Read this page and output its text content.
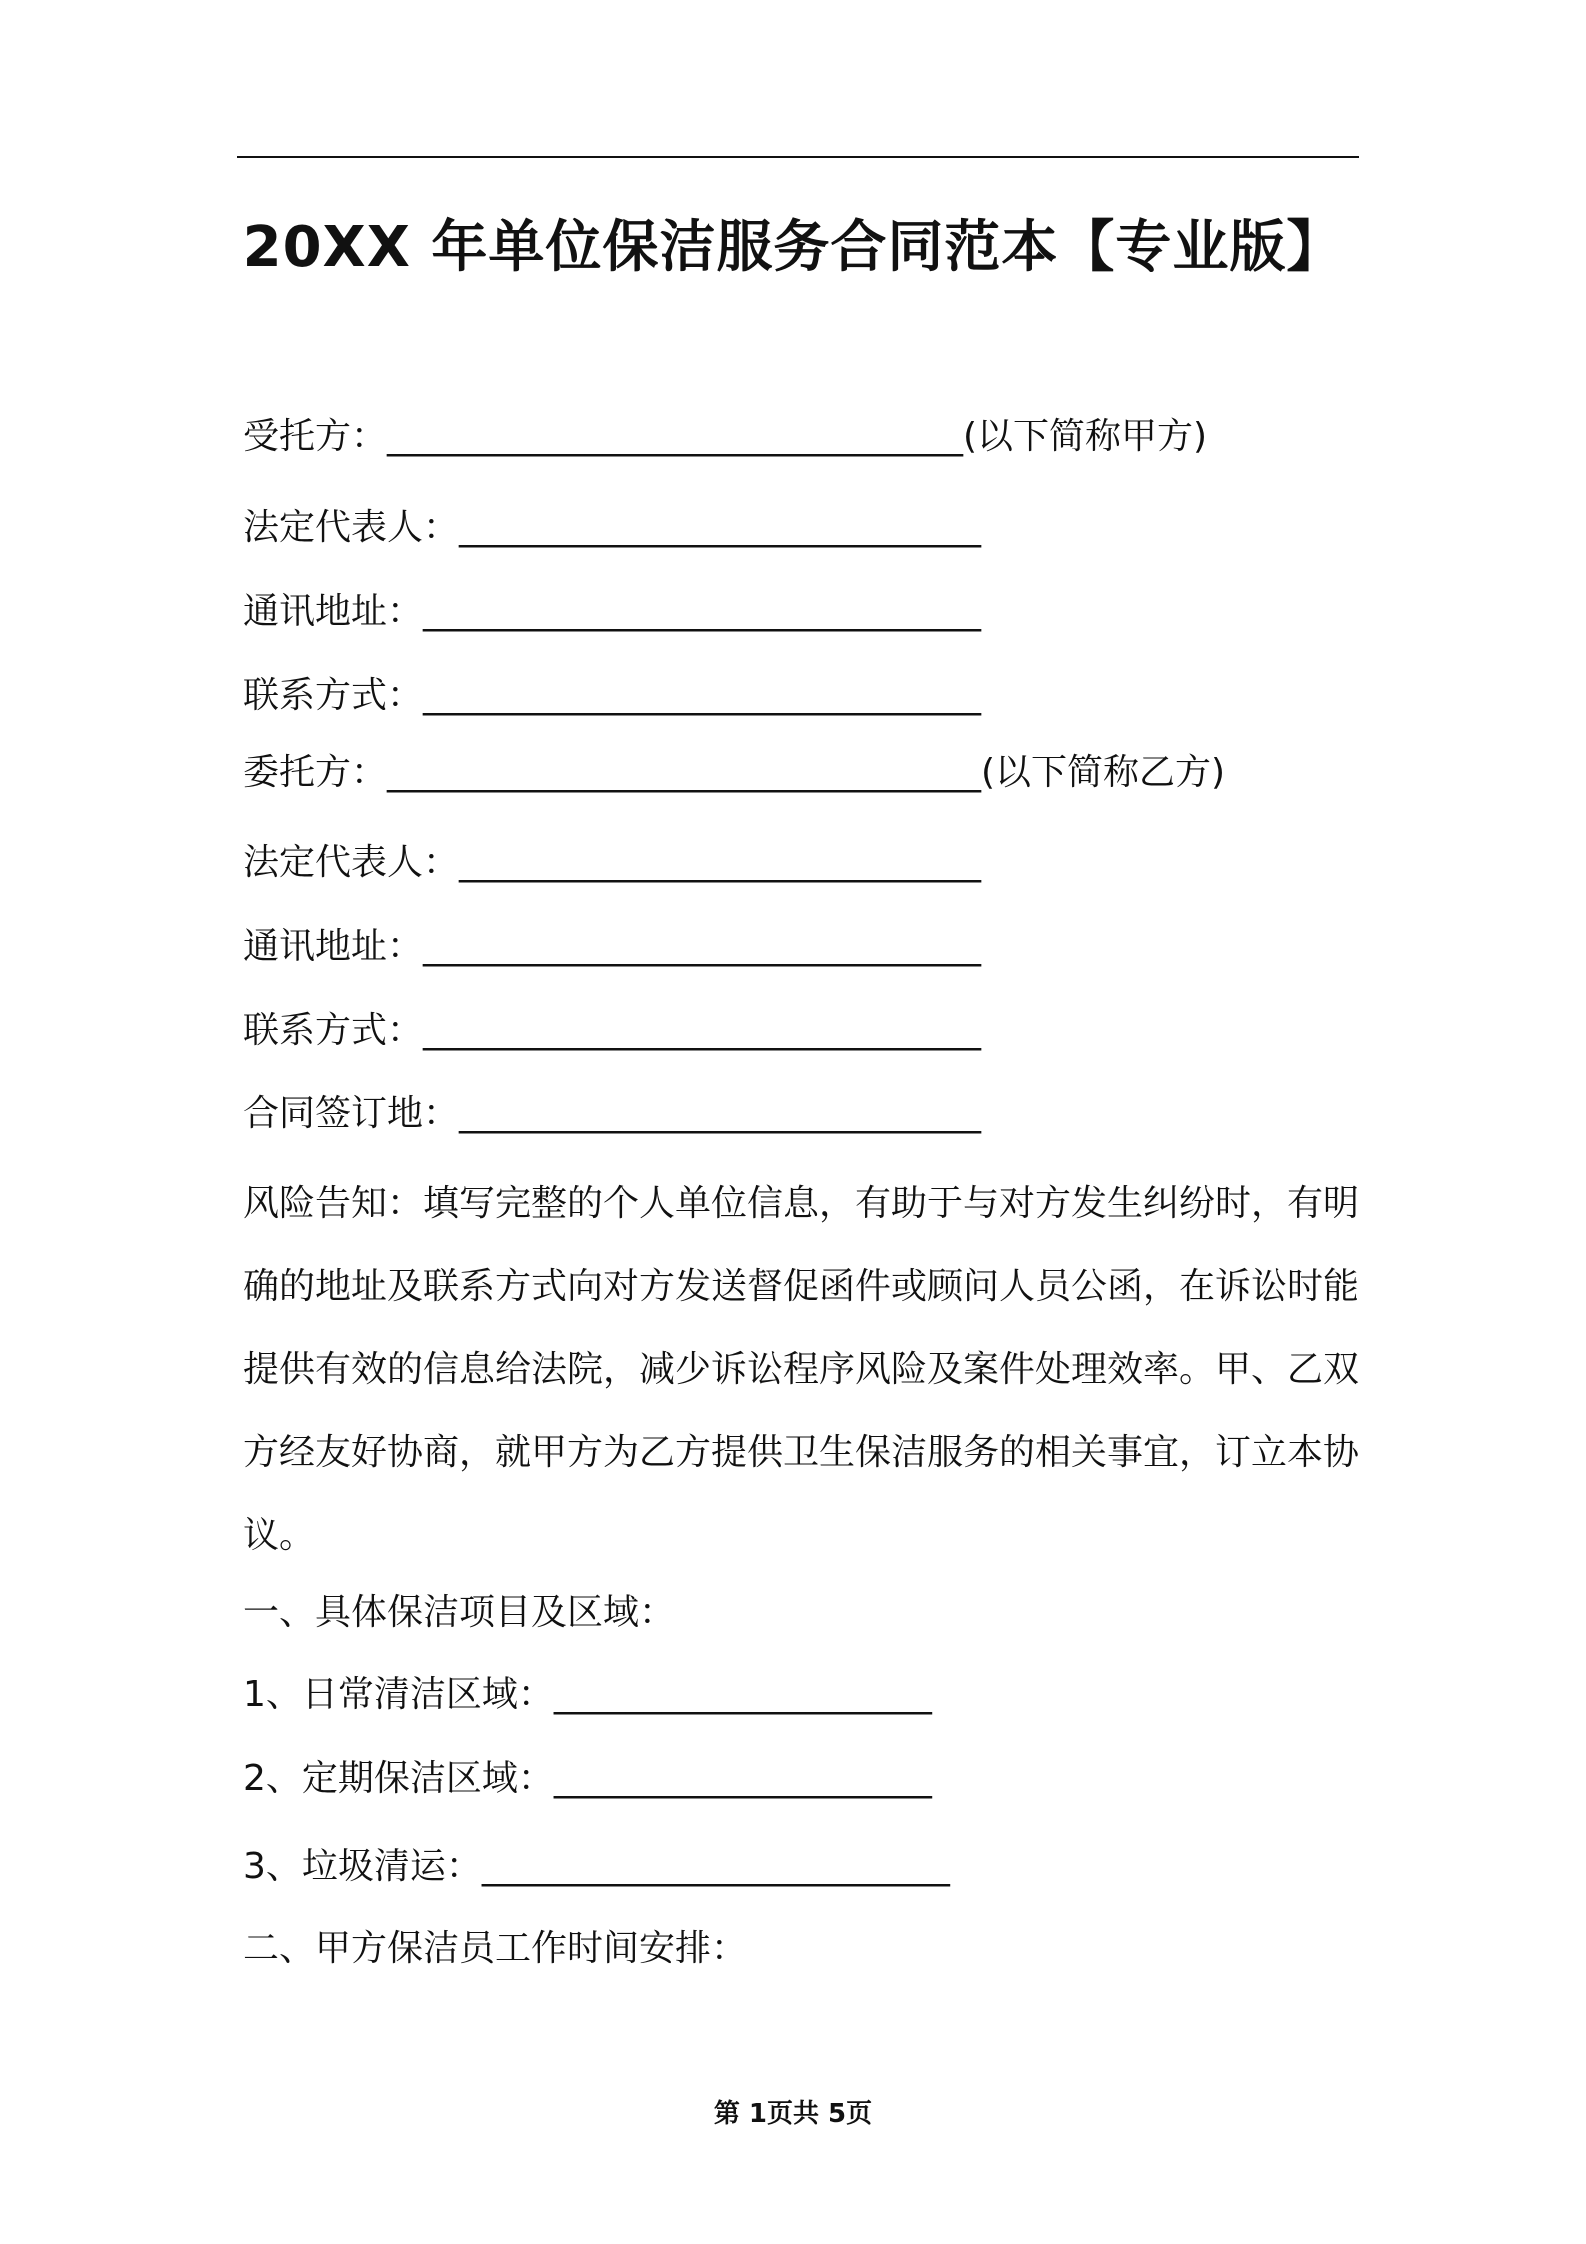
20XX 年单位保洁服务合同范本【专业版】
受托方：________________________________(以下简称甲方)
法定代表人：_____________________________
通讯地址：_______________________________
联系方式：_______________________________
委托方：_________________________________(以下简称乙方)
法定代表人：_____________________________
通讯地址：_______________________________
联系方式：_______________________________
合同签订地：_____________________________

风险告知：填写完整的个人单位信息，有助于与对方发生纠纷时，有明确的地址及联系方式向对方发送督促函件或顾问人员公函，在诉讼时能提供有效的信息给法院，减少诉讼程序风险及案件处理效率。甲、乙双方经友好协商，就甲方为乙方提供卫生保洁服务的相关事宜，订立本协议。

一、具体保洁项目及区域：
1、日常清洁区域：_____________________
2、定期保洁区域：_____________________
3、垃圾清运：__________________________
二、甲方保洁员工作时间安排：
第 1页共 5页
